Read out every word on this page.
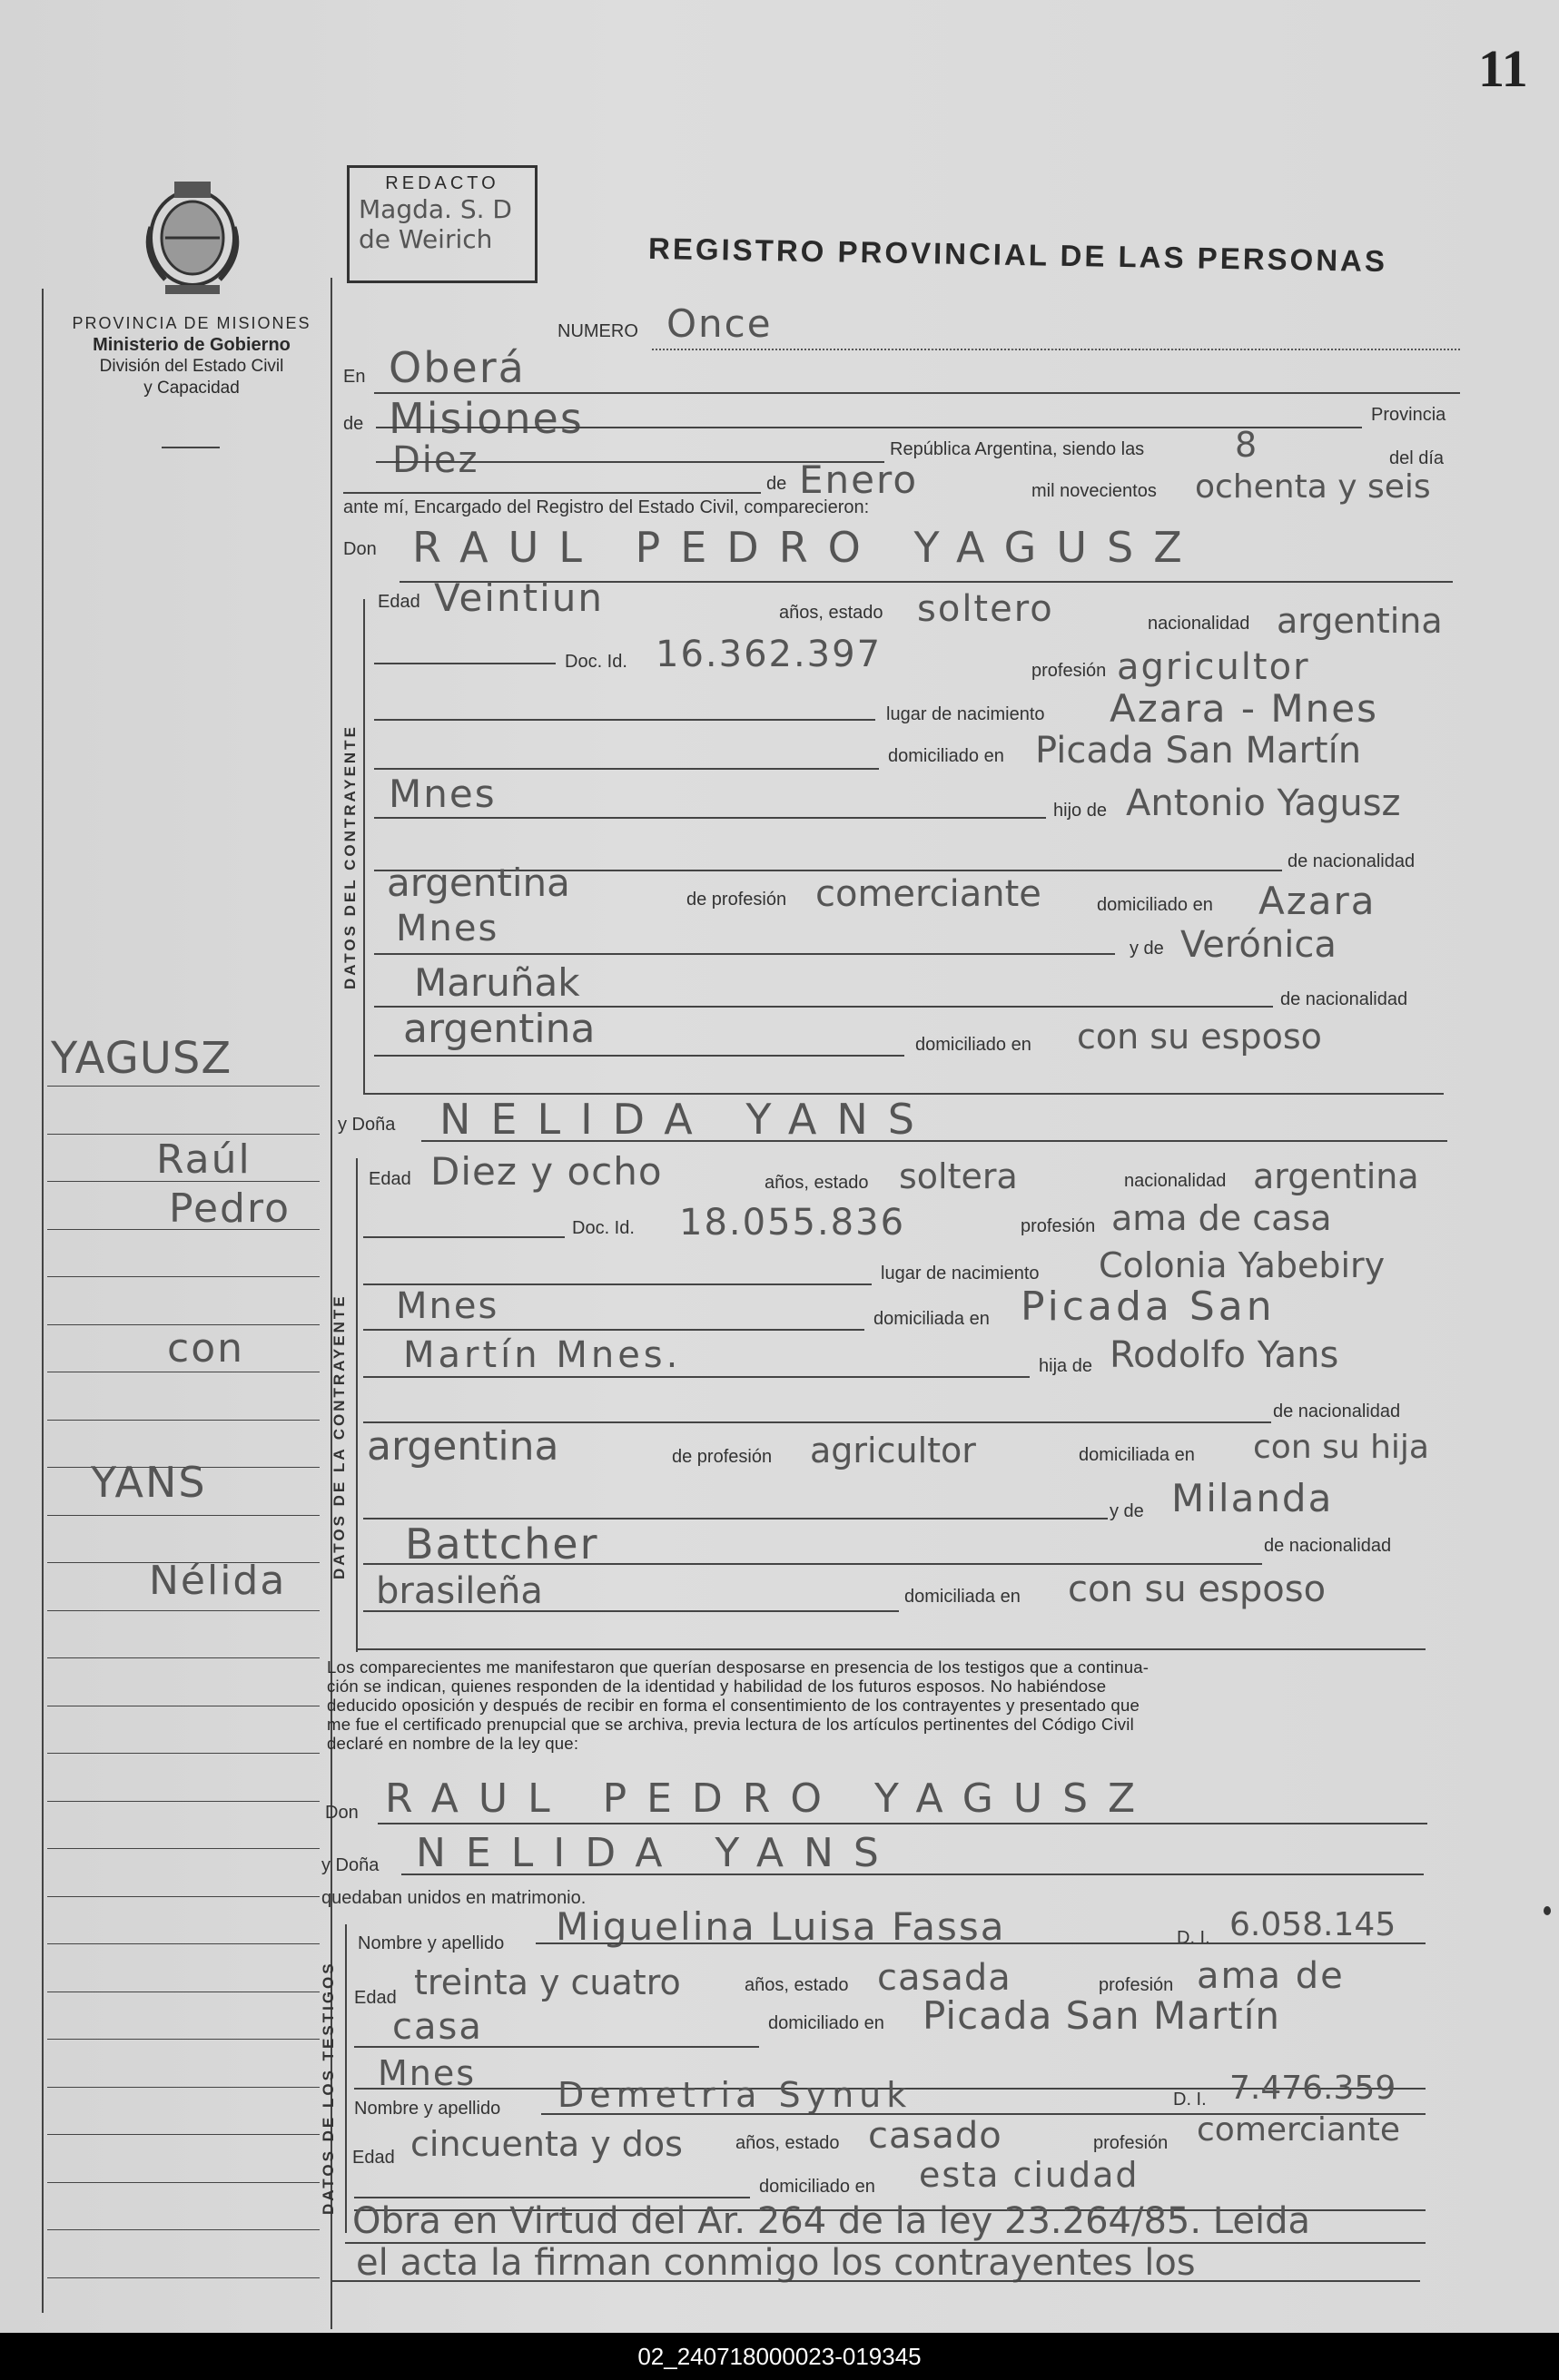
11
PROVINCIA DE MISIONES
Ministerio de Gobierno
División del Estado Civil
y Capacidad
REDACTO
Magda. S. D
de Weirich	REGISTRO PROVINCIAL DE LAS PERSONAS
YAGUSZ
Raúl
Pedro
con
YANS
Nélida
NUMERO Once
En Oberá
de Misiones	Provincia
Diez	República Argentina, siendo las	8	del día
de Enero	mil novecientos ochenta y seis
ante mí, Encargado del Registro del Estado Civil, comparecieron:
Don RAUL PEDRO YAGUSZ
DATOS DEL CONTRAYENTE
Edad Veintiun	años, estado soltero	nacionalidad argentina
Doc. Id. 16.362.397	profesión agricultor
lugar de nacimiento Azara - Mnes
domiciliado en Picada San Martín
Mnes	hijo de Antonio Yagusz
de nacionalidad
argentina	de profesión comerciante	domiciliado en Azara
Mnes	y de Verónica
Maruñak	de nacionalidad
argentina	domiciliado en con su esposo
y Doña NELIDA YANS
DATOS DE LA CONTRAYENTE
Edad Diez y ocho	años, estado soltera	nacionalidad argentina
Doc. Id. 18.055.836	profesión ama de casa
lugar de nacimiento Colonia Yabebiry
Mnes	domiciliada en Picada San
Martín Mnes.	hija de Rodolfo Yans
de nacionalidad
argentina	de profesión agricultor	domiciliada en con su hija
y de Milanda
Battcher	de nacionalidad
brasileña	domiciliada en con su esposo
Los comparecientes me manifestaron que querían desposarse en presencia de los testigos que a continua-
ción se indican, quienes responden de la identidad y habilidad de los futuros esposos. No habiéndose
deducido oposición y después de recibir en forma el consentimiento de los contrayentes y presentado que
me fue el certificado prenupcial que se archiva, previa lectura de los artículos pertinentes del Código Civil
declaré en nombre de la ley que:
Don RAUL PEDRO YAGUSZ
y Doña NELIDA YANS
quedaban unidos en matrimonio.
DATOS DE LOS TESTIGOS
Nombre y apellido Miguelina Luisa Fassa	D. I. 6.058.145
Edad treinta y cuatro	años, estado casada	profesión ama de
casa	domiciliado en Picada San Martín
Mnes
Nombre y apellido Demetria Synuk	D. I. 7.476.359
Edad cincuenta y dos	años, estado casado	profesión comerciante
domiciliado en esta ciudad
Obra en Virtud del Ar. 264 de la ley 23.264/85. Leida
el acta la firman conmigo los contrayentes los
02_240718000023-019345
